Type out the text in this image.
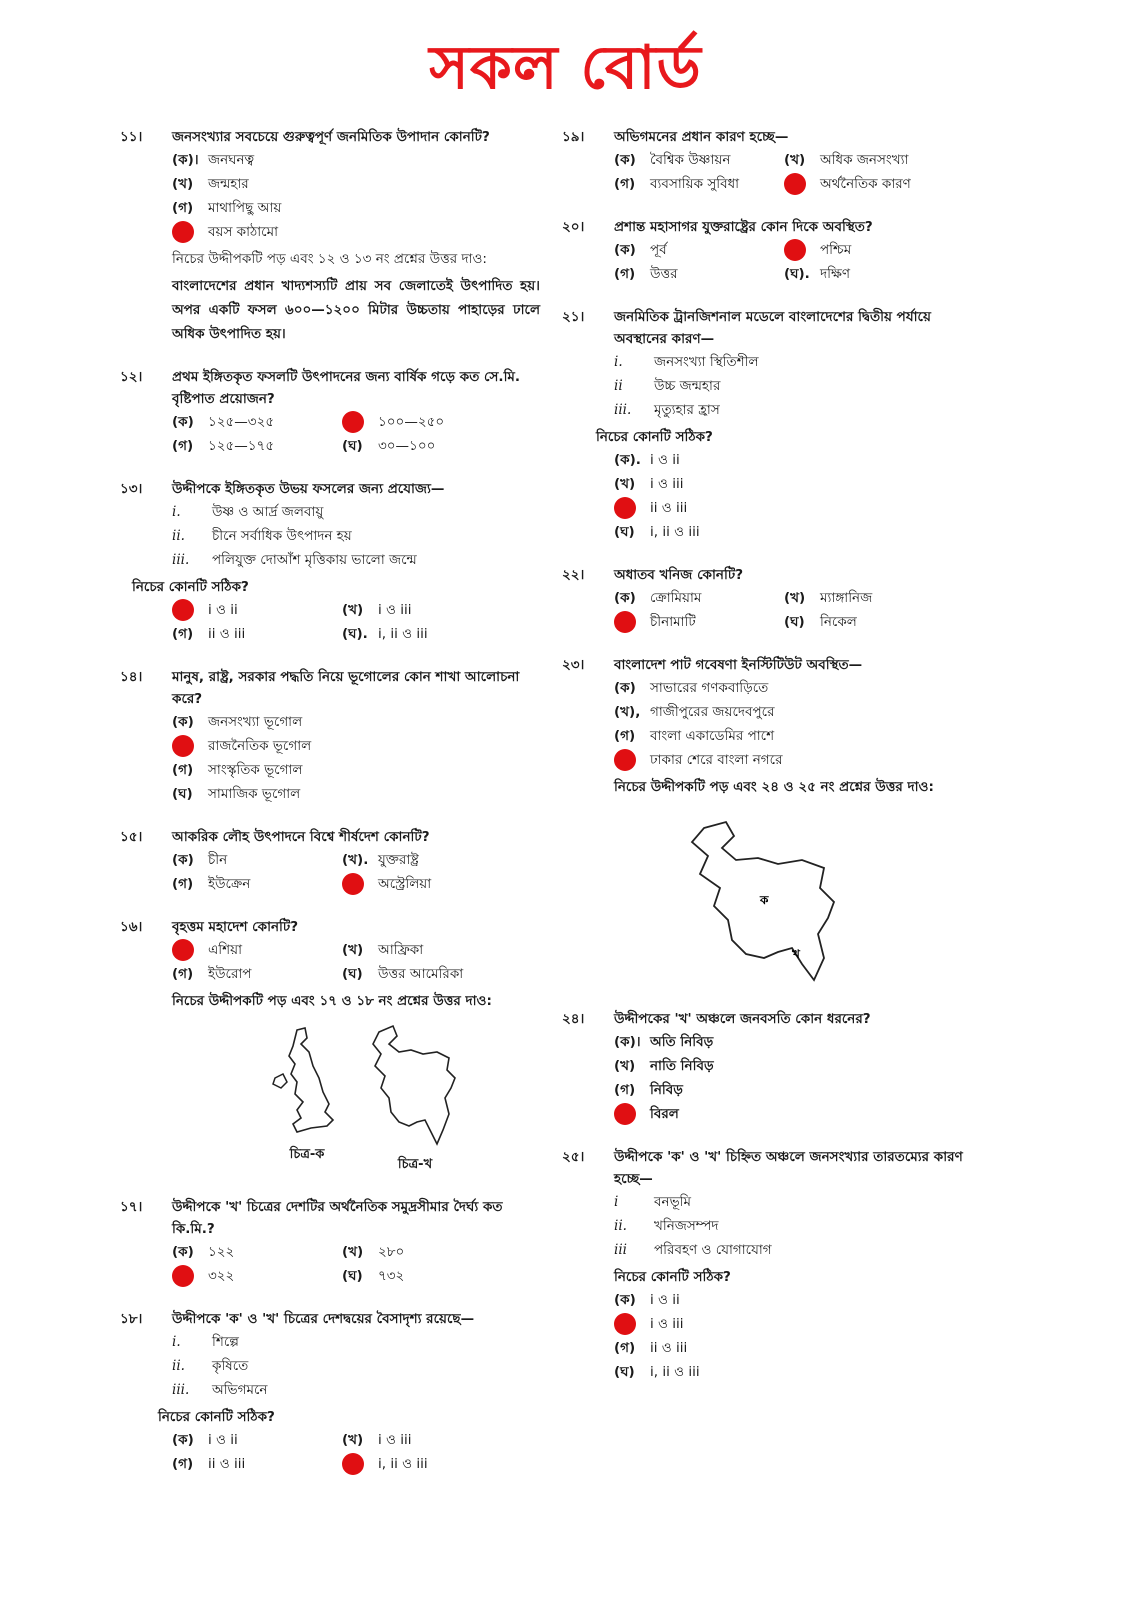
সকল বোর্ড
১১।	জনসংখ্যার সবচেয়ে গুরুত্বপূর্ণ জনমিতিক উপাদান কোনটি?
(ক)। জনঘনত্ব
(খ)	জন্মহার
(গ)	মাথাপিছু আয়
বয়স কাঠামো
নিচের উদ্দীপকটি পড় এবং ১২ ও ১৩ নং প্রশ্নের উত্তর দাও:
বাংলাদেশের প্রধান খাদ্যশস্যটি প্রায় সব জেলাতেই উৎপাদিত হয়। অপর একটি ফসল ৬০০—১২০০ মিটার উচ্চতায় পাহাড়ের ঢালে অধিক উৎপাদিত হয়।
১২।	প্রথম ইঙ্গিতকৃত ফসলটি উৎপাদনের জন্য বার্ষিক গড়ে কত সে.মি. বৃষ্টিপাত প্রয়োজন?
(ক)	১২৫—৩২৫	১০০—২৫০
(গ)	১২৫—১৭৫	(ঘ)	৩০—১০০
১৩।	উদ্দীপকে ইঙ্গিতকৃত উভয় ফসলের জন্য প্রযোজ্য—
i.	উষ্ণ ও আর্দ্র জলবায়ু
ii.	চীনে সর্বাধিক উৎপাদন হয়
iii.	পলিযুক্ত দোআঁশ মৃত্তিকায় ভালো জন্মে
নিচের কোনটি সঠিক?
i ও ii	(খ)	i ও iii
(গ)	ii ও iii	(ঘ). i, ii ও iii
১৪।	মানুষ, রাষ্ট্র, সরকার পদ্ধতি নিয়ে ভূগোলের কোন শাখা আলোচনা করে?
(ক)	জনসংখ্যা ভূগোল
রাজনৈতিক ভূগোল
(গ)	সাংস্কৃতিক ভূগোল
(ঘ)	সামাজিক ভূগোল
১৫।	আকরিক লৌহ উৎপাদনে বিশ্বে শীর্ষদেশ কোনটি?
(ক)	চীন	(খ). যুক্তরাষ্ট্র
(গ)	ইউক্রেন	অস্ট্রেলিয়া
১৬।	বৃহত্তম মহাদেশ কোনটি?
এশিয়া	(খ)	আফ্রিকা
(গ)	ইউরোপ	(ঘ)	উত্তর আমেরিকা
নিচের উদ্দীপকটি পড় এবং ১৭ ও ১৮ নং প্রশ্নের উত্তর দাও:
চিত্র-ক
চিত্র-খ
১৭।	উদ্দীপকে 'খ' চিত্রের দেশটির অর্থনৈতিক সমুদ্রসীমার দৈর্ঘ্য কত কি.মি.?
(ক)	১২২	(খ)	২৮০
৩২২	(ঘ)	৭৩২
১৮।	উদ্দীপকে 'ক' ও 'খ' চিত্রের দেশদ্বয়ের বৈসাদৃশ্য রয়েছে—
i.	শিল্পে
ii.	কৃষিতে
iii.	অভিগমনে
নিচের কোনটি সঠিক?
(ক)	i ও ii	(খ)	i ও iii
(গ)	ii ও iii	i, ii ও iii
১৯।	অভিগমনের প্রধান কারণ হচ্ছে—
(ক)	বৈশ্বিক উষ্ণায়ন	(খ)	অধিক জনসংখ্যা
(গ)	ব্যবসায়িক সুবিধা	অর্থনৈতিক কারণ
২০।	প্রশান্ত মহাসাগর যুক্তরাষ্ট্রের কোন দিকে অবস্থিত?
(ক)	পূর্ব	পশ্চিম
(গ)	উত্তর	(ঘ). দক্ষিণ
২১।	জনমিতিক ট্রানজিশনাল মডেলে বাংলাদেশের দ্বিতীয় পর্যায়ে অবস্থানের কারণ—
i.	জনসংখ্যা স্থিতিশীল
ii	উচ্চ জন্মহার
iii.	মৃত্যুহার হ্রাস
নিচের কোনটি সঠিক?
(ক). i ও ii
(খ)	i ও iii
ii ও iii
(ঘ)	i, ii ও iii
২২।	অধাতব খনিজ কোনটি?
(ক)	ক্রোমিয়াম	(খ)	ম্যাঙ্গানিজ
চীনামাটি	(ঘ)	নিকেল
২৩।	বাংলাদেশ পাট গবেষণা ইনস্টিটিউট অবস্থিত—
(ক)	সাভারের গণকবাড়িতে
(খ), গাজীপুরের জয়দেবপুরে
(গ)	বাংলা একাডেমির পাশে
ঢাকার শেরে বাংলা নগরে
নিচের উদ্দীপকটি পড় এবং ২৪ ও ২৫ নং প্রশ্নের উত্তর দাও:
ক
খ
২৪।	উদ্দীপকের 'খ' অঞ্চলে জনবসতি কোন ধরনের?
(ক)। অতি নিবিড়
(খ)	নাতি নিবিড়
(গ)	নিবিড়
বিরল
২৫।	উদ্দীপকে 'ক' ও 'খ' চিহ্নিত অঞ্চলে জনসংখ্যার তারতম্যের কারণ হচ্ছে—
i	বনভূমি
ii.	খনিজসম্পদ
iii	পরিবহণ ও যোগাযোগ
নিচের কোনটি সঠিক?
(ক)	i ও ii
i ও iii
(গ)	ii ও iii
(ঘ)	i, ii ও iii
